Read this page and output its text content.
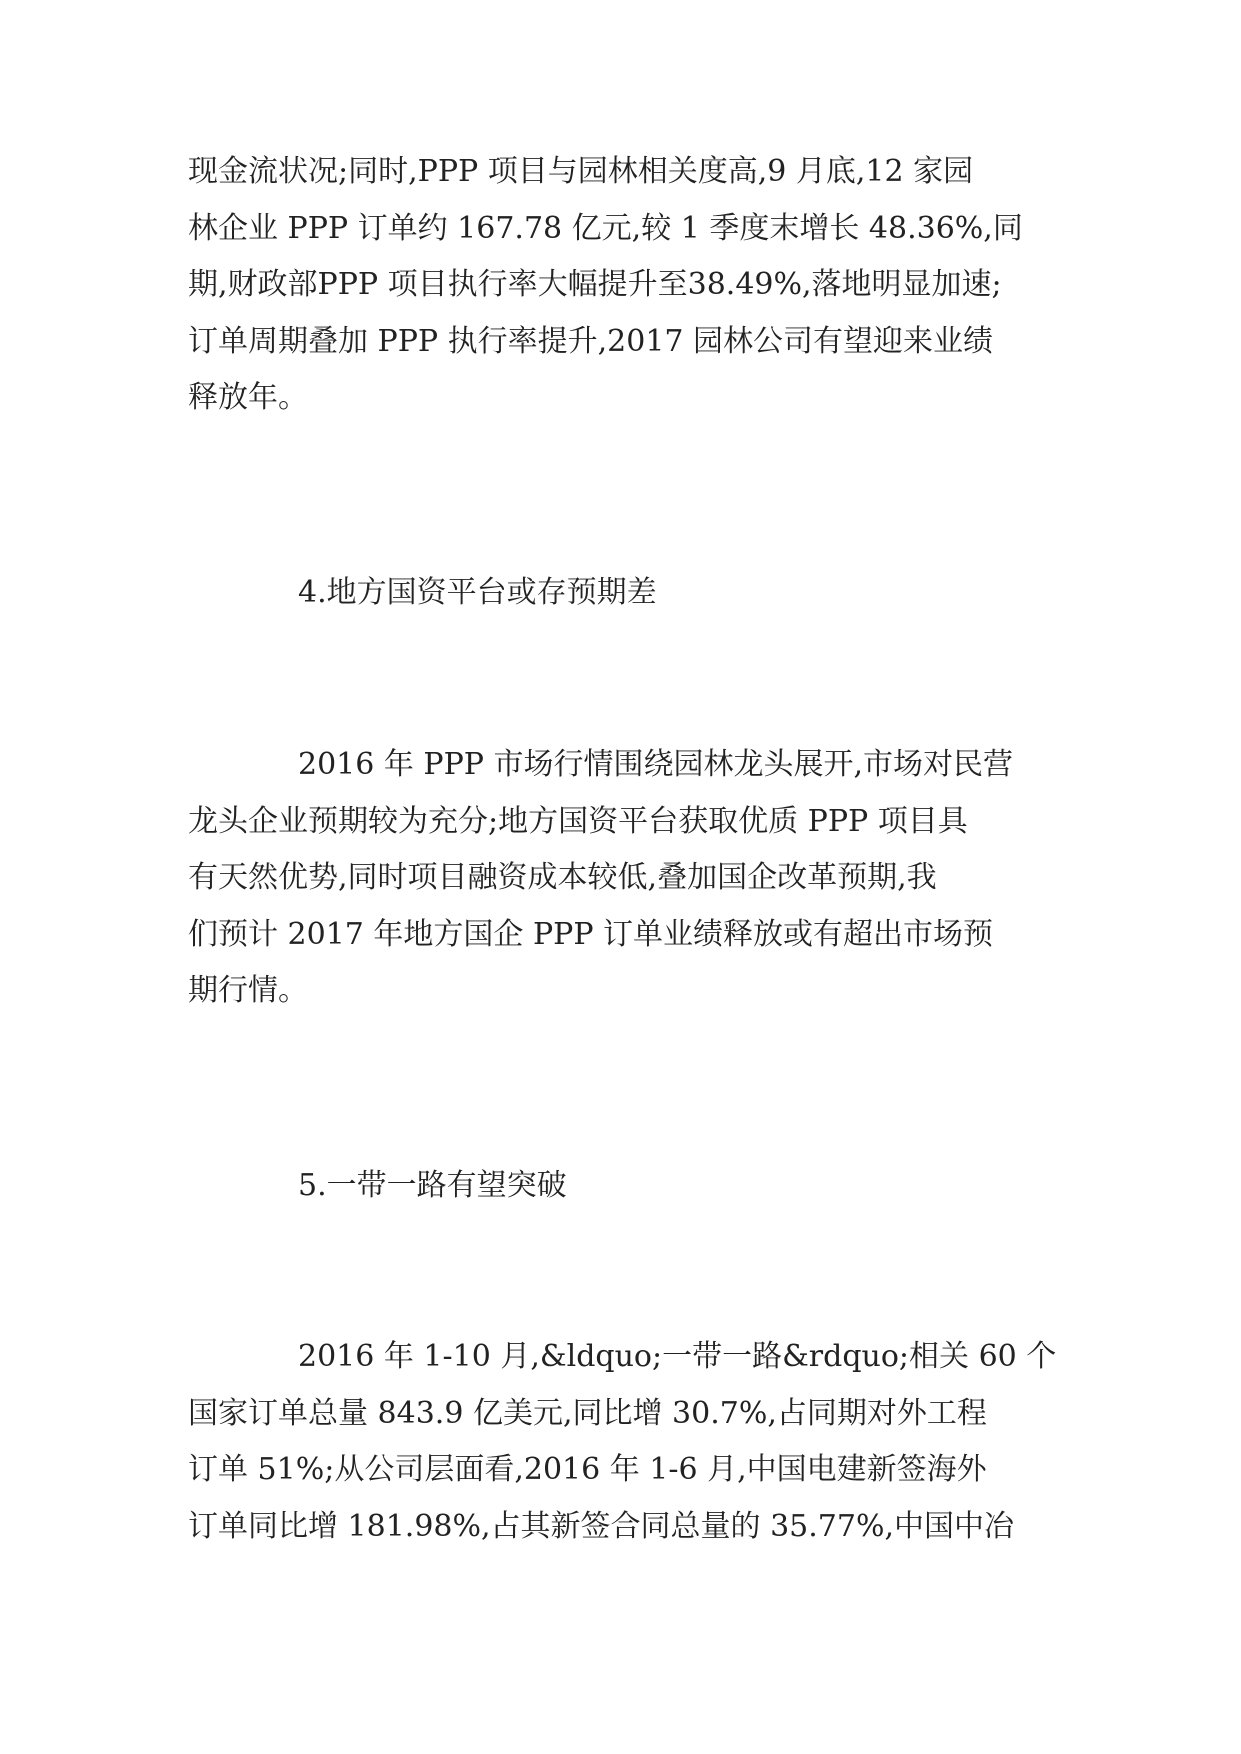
现金流状况;同时,PPP 项目与园林相关度高,9 月底,12 家园

林企业 PPP 订单约 167.78 亿元,较 1 季度末增长 48.36%,同

期,财政部PPP 项目执行率大幅提升至38.49%,落地明显加速;

订单周期叠加 PPP 执行率提升,2017 园林公司有望迎来业绩

释放年。

4.地方国资平台或存预期差

2016 年 PPP 市场行情围绕园林龙头展开,市场对民营

龙头企业预期较为充分;地方国资平台获取优质 PPP 项目具

有天然优势,同时项目融资成本较低,叠加国企改革预期,我

们预计 2017 年地方国企 PPP 订单业绩释放或有超出市场预

期行情。

5.一带一路有望突破

2016 年 1-10 月,&ldquo;一带一路&rdquo;相关 60 个

国家订单总量 843.9 亿美元,同比增 30.7%,占同期对外工程

订单 51%;从公司层面看,2016 年 1-6 月,中国电建新签海外

订单同比增 181.98%,占其新签合同总量的 35.77%,中国中冶
